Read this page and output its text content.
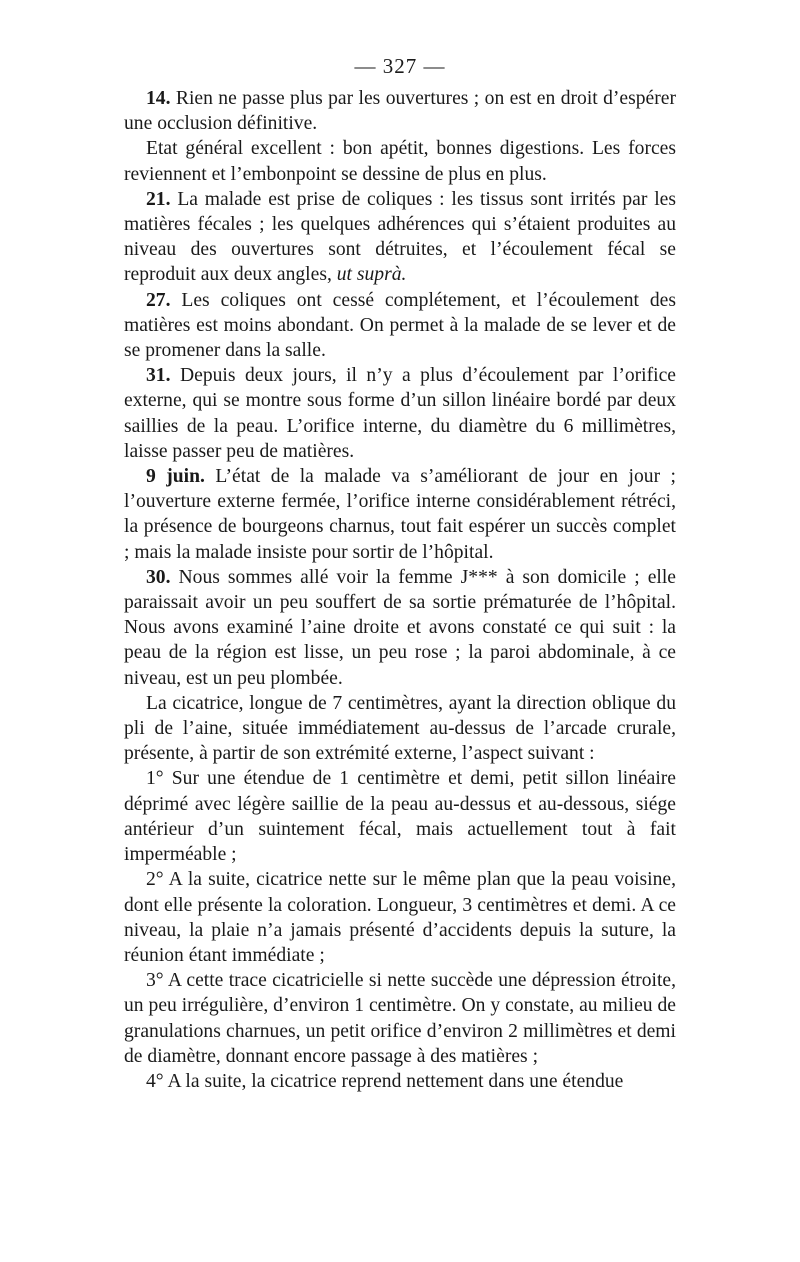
— 327 —

14. Rien ne passe plus par les ouvertures ; on est en droit d’espérer une occlusion définitive.

Etat général excellent : bon apétit, bonnes digestions. Les forces reviennent et l’embonpoint se dessine de plus en plus.

21. La malade est prise de coliques : les tissus sont irrités par les matières fécales ; les quelques adhérences qui s’étaient produites au niveau des ouvertures sont détruites, et l’écoulement fécal se reproduit aux deux angles, ut suprà.

27. Les coliques ont cessé complétement, et l’écoulement des matières est moins abondant. On permet à la malade de se lever et de se promener dans la salle.

31. Depuis deux jours, il n’y a plus d’écoulement par l’orifice externe, qui se montre sous forme d’un sillon linéaire bordé par deux saillies de la peau. L’orifice interne, du diamètre du 6 millimètres, laisse passer peu de matières.

9 juin. L’état de la malade va s’améliorant de jour en jour ; l’ouverture externe fermée, l’orifice interne considérablement rétréci, la présence de bourgeons charnus, tout fait espérer un succès complet ; mais la malade insiste pour sortir de l’hôpital.

30. Nous sommes allé voir la femme J*** à son domicile ; elle paraissait avoir un peu souffert de sa sortie prématurée de l’hôpital. Nous avons examiné l’aine droite et avons constaté ce qui suit : la peau de la région est lisse, un peu rose ; la paroi abdominale, à ce niveau, est un peu plombée.

La cicatrice, longue de 7 centimètres, ayant la direction oblique du pli de l’aine, située immédiatement au-dessus de l’arcade crurale, présente, à partir de son extrémité externe, l’aspect suivant :

1° Sur une étendue de 1 centimètre et demi, petit sillon linéaire déprimé avec légère saillie de la peau au-dessus et au-dessous, siége antérieur d’un suintement fécal, mais actuellement tout à fait imperméable ;

2° A la suite, cicatrice nette sur le même plan que la peau voisine, dont elle présente la coloration. Longueur, 3 centimètres et demi. A ce niveau, la plaie n’a jamais présenté d’accidents depuis la suture, la réunion étant immédiate ;

3° A cette trace cicatricielle si nette succède une dépression étroite, un peu irrégulière, d’environ 1 centimètre. On y constate, au milieu de granulations charnues, un petit orifice d’environ 2 millimètres et demi de diamètre, donnant encore passage à des matières ;

4° A la suite, la cicatrice reprend nettement dans une étendue
